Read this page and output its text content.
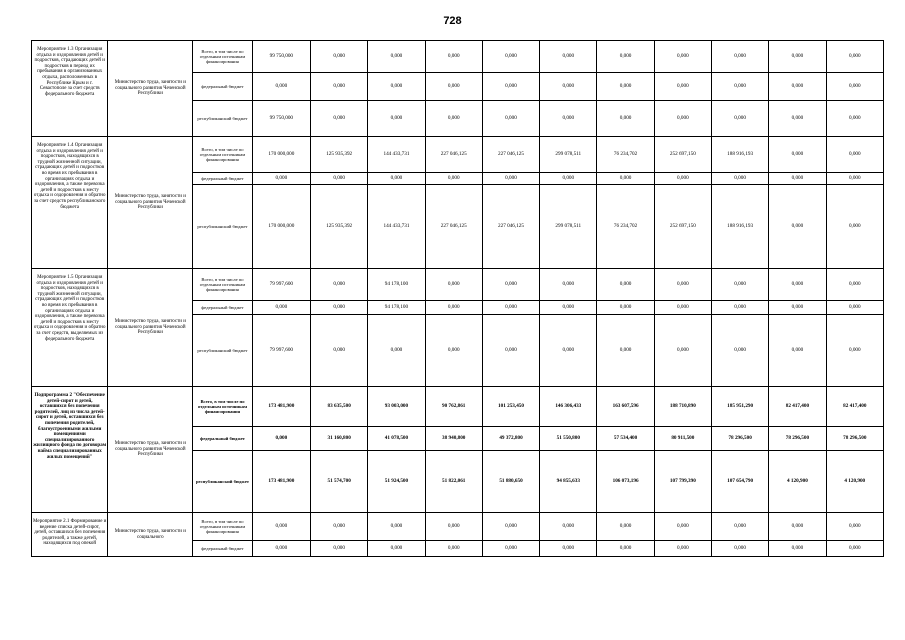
728
Мероприятие 1.3 Организация отдыха и оздоровления детей и подростков, страдающих детей и подростков в период их пребывания в организованных отдыха, расположенных в Республике Крым и г. Севастополе за счет средств федерального бюджета	Министерство труда, занятости и социального развития Чеченской Республики	Всего, в том числе по отдельным источникам финансирования	99 750,000	0,000	0,000	0,000	0,000	0,000	0,000	0,000	0,000	0,000	0,000
		федеральный бюджет	0,000	0,000	0,000	0,000	0,000	0,000	0,000	0,000	0,000	0,000	0,000
		республиканский бюджет	99 750,000	0,000	0,000	0,000	0,000	0,000	0,000	0,000	0,000	0,000	0,000
Мероприятие 1.4 Организация отдыха и оздоровления детей и подростков, находящихся в трудной жизненной ситуации, страдающих детей и подростков во время их пребывания в организациях отдыха и оздоровления, а также перевозка детей и подростков к месту отдыха и оздоровления и обратно за счет средств республиканского бюджета	Министерство труда, занятости и социального развития Чеченской Республики	Всего, в том числе по отдельным источникам финансирования	170 000,000	125 935,392	144 433,731	227 046,125	227 046,125	299 078,511	76 234,702	252 697,150	188 916,193	0,000	0,000
		федеральный бюджет	0,000	0,000	0,000	0,000	0,000	0,000	0,000	0,000	0,000	0,000	0,000
		республиканский бюджет	170 000,000	125 935,392	144 433,731	227 046,125	227 046,125	299 078,511	76 234,702	252 697,150	188 916,193	0,000	0,000
Мероприятие 1.5 Организация отдыха и оздоровления детей и подростков, находящихся в трудной жизненной ситуации, страдающих детей и подростков во время их пребывания в организациях отдыха и оздоровления, а также перевозка детей и подростков к месту отдыха и оздоровления и обратно за счет средств, выделяемых из федерального бюджета	Министерство труда, занятости и социального развития Чеченской Республики	Всего, в том числе по отдельным источникам финансирования	79 997,600	0,000	94 178,100	0,000	0,000	0,000	0,000	0,000	0,000	0,000	0,000
		федеральный бюджет	0,000	0,000	94 178,100	0,000	0,000	0,000	0,000	0,000	0,000	0,000	0,000
		республиканский бюджет	79 997,600	0,000	0,000	0,000	0,000	0,000	0,000	0,000	0,000	0,000	0,000
Подпрограмма 2 "Обеспечение детей-сирот и детей, оставшихся без попечения родителей, лиц из числа детей-сирот и детей, оставшихся без попечения родителей, благоустроенными жилыми помещениями специализированного жилищного фонда по договорам найма специализированных жилых помещений"	Министерство труда, занятости и социального развития Чеченской Республики	Всего, в том числе по отдельным источникам финансирования	173 481,900	83 635,500	93 003,000	90 762,861	101 253,450	146 306,433	163 607,596	188 710,890	185 951,290	82 417,400	82 417,400
		федеральный бюджет	0,000	31 160,800	41 078,500	38 940,800	49 372,800	51 550,800	57 534,400	80 911,500	78 296,500	78 296,500	78 296,500
		республиканский бюджет	173 481,900	51 574,700	51 924,500	51 822,061	51 880,650	94 855,633	106 073,196	107 799,390	107 654,790	4 120,900	4 120,900
Мероприятие 2.1 Формирование и ведение списка детей-сирот, детей, оставшихся без попечения родителей, а также детей, находящихся под опекой	Министерство труда, занятости и социального	Всего, в том числе по отдельным источникам финансирования	0,000	0,000	0,000	0,000	0,000	0,000	0,000	0,000	0,000	0,000	0,000
		федеральный бюджет	0,000	0,000	0,000	0,000	0,000	0,000	0,000	0,000	0,000	0,000	0,000
